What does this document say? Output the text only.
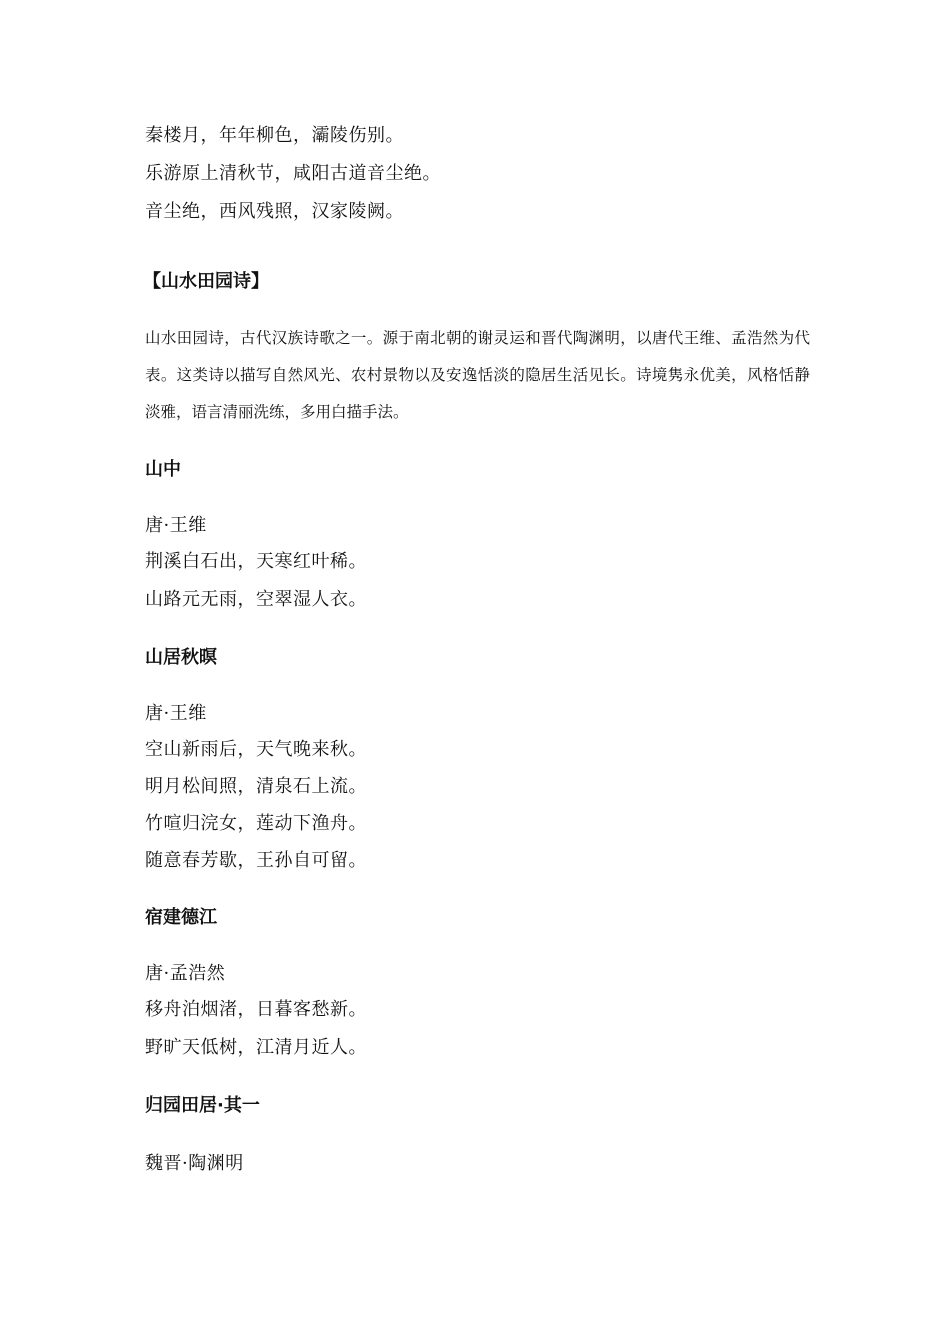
秦楼月，年年柳色，灞陵伤别。
乐游原上清秋节，咸阳古道音尘绝。
音尘绝，西风残照，汉家陵阙。
【山水田园诗】
山水田园诗，古代汉族诗歌之一。源于南北朝的谢灵运和晋代陶渊明，以唐代王维、孟浩然为代表。这类诗以描写自然风光、农村景物以及安逸恬淡的隐居生活见长。诗境隽永优美，风格恬静淡雅，语言清丽洗练，多用白描手法。
山中
唐·王维
荆溪白石出，天寒红叶稀。
山路元无雨，空翠湿人衣。
山居秋暝
唐·王维
空山新雨后，天气晚来秋。
明月松间照，清泉石上流。
竹喧归浣女，莲动下渔舟。
随意春芳歇，王孙自可留。
宿建德江
唐·孟浩然
移舟泊烟渚，日暮客愁新。
野旷天低树，江清月近人。
归园田居·其一
魏晋·陶渊明
